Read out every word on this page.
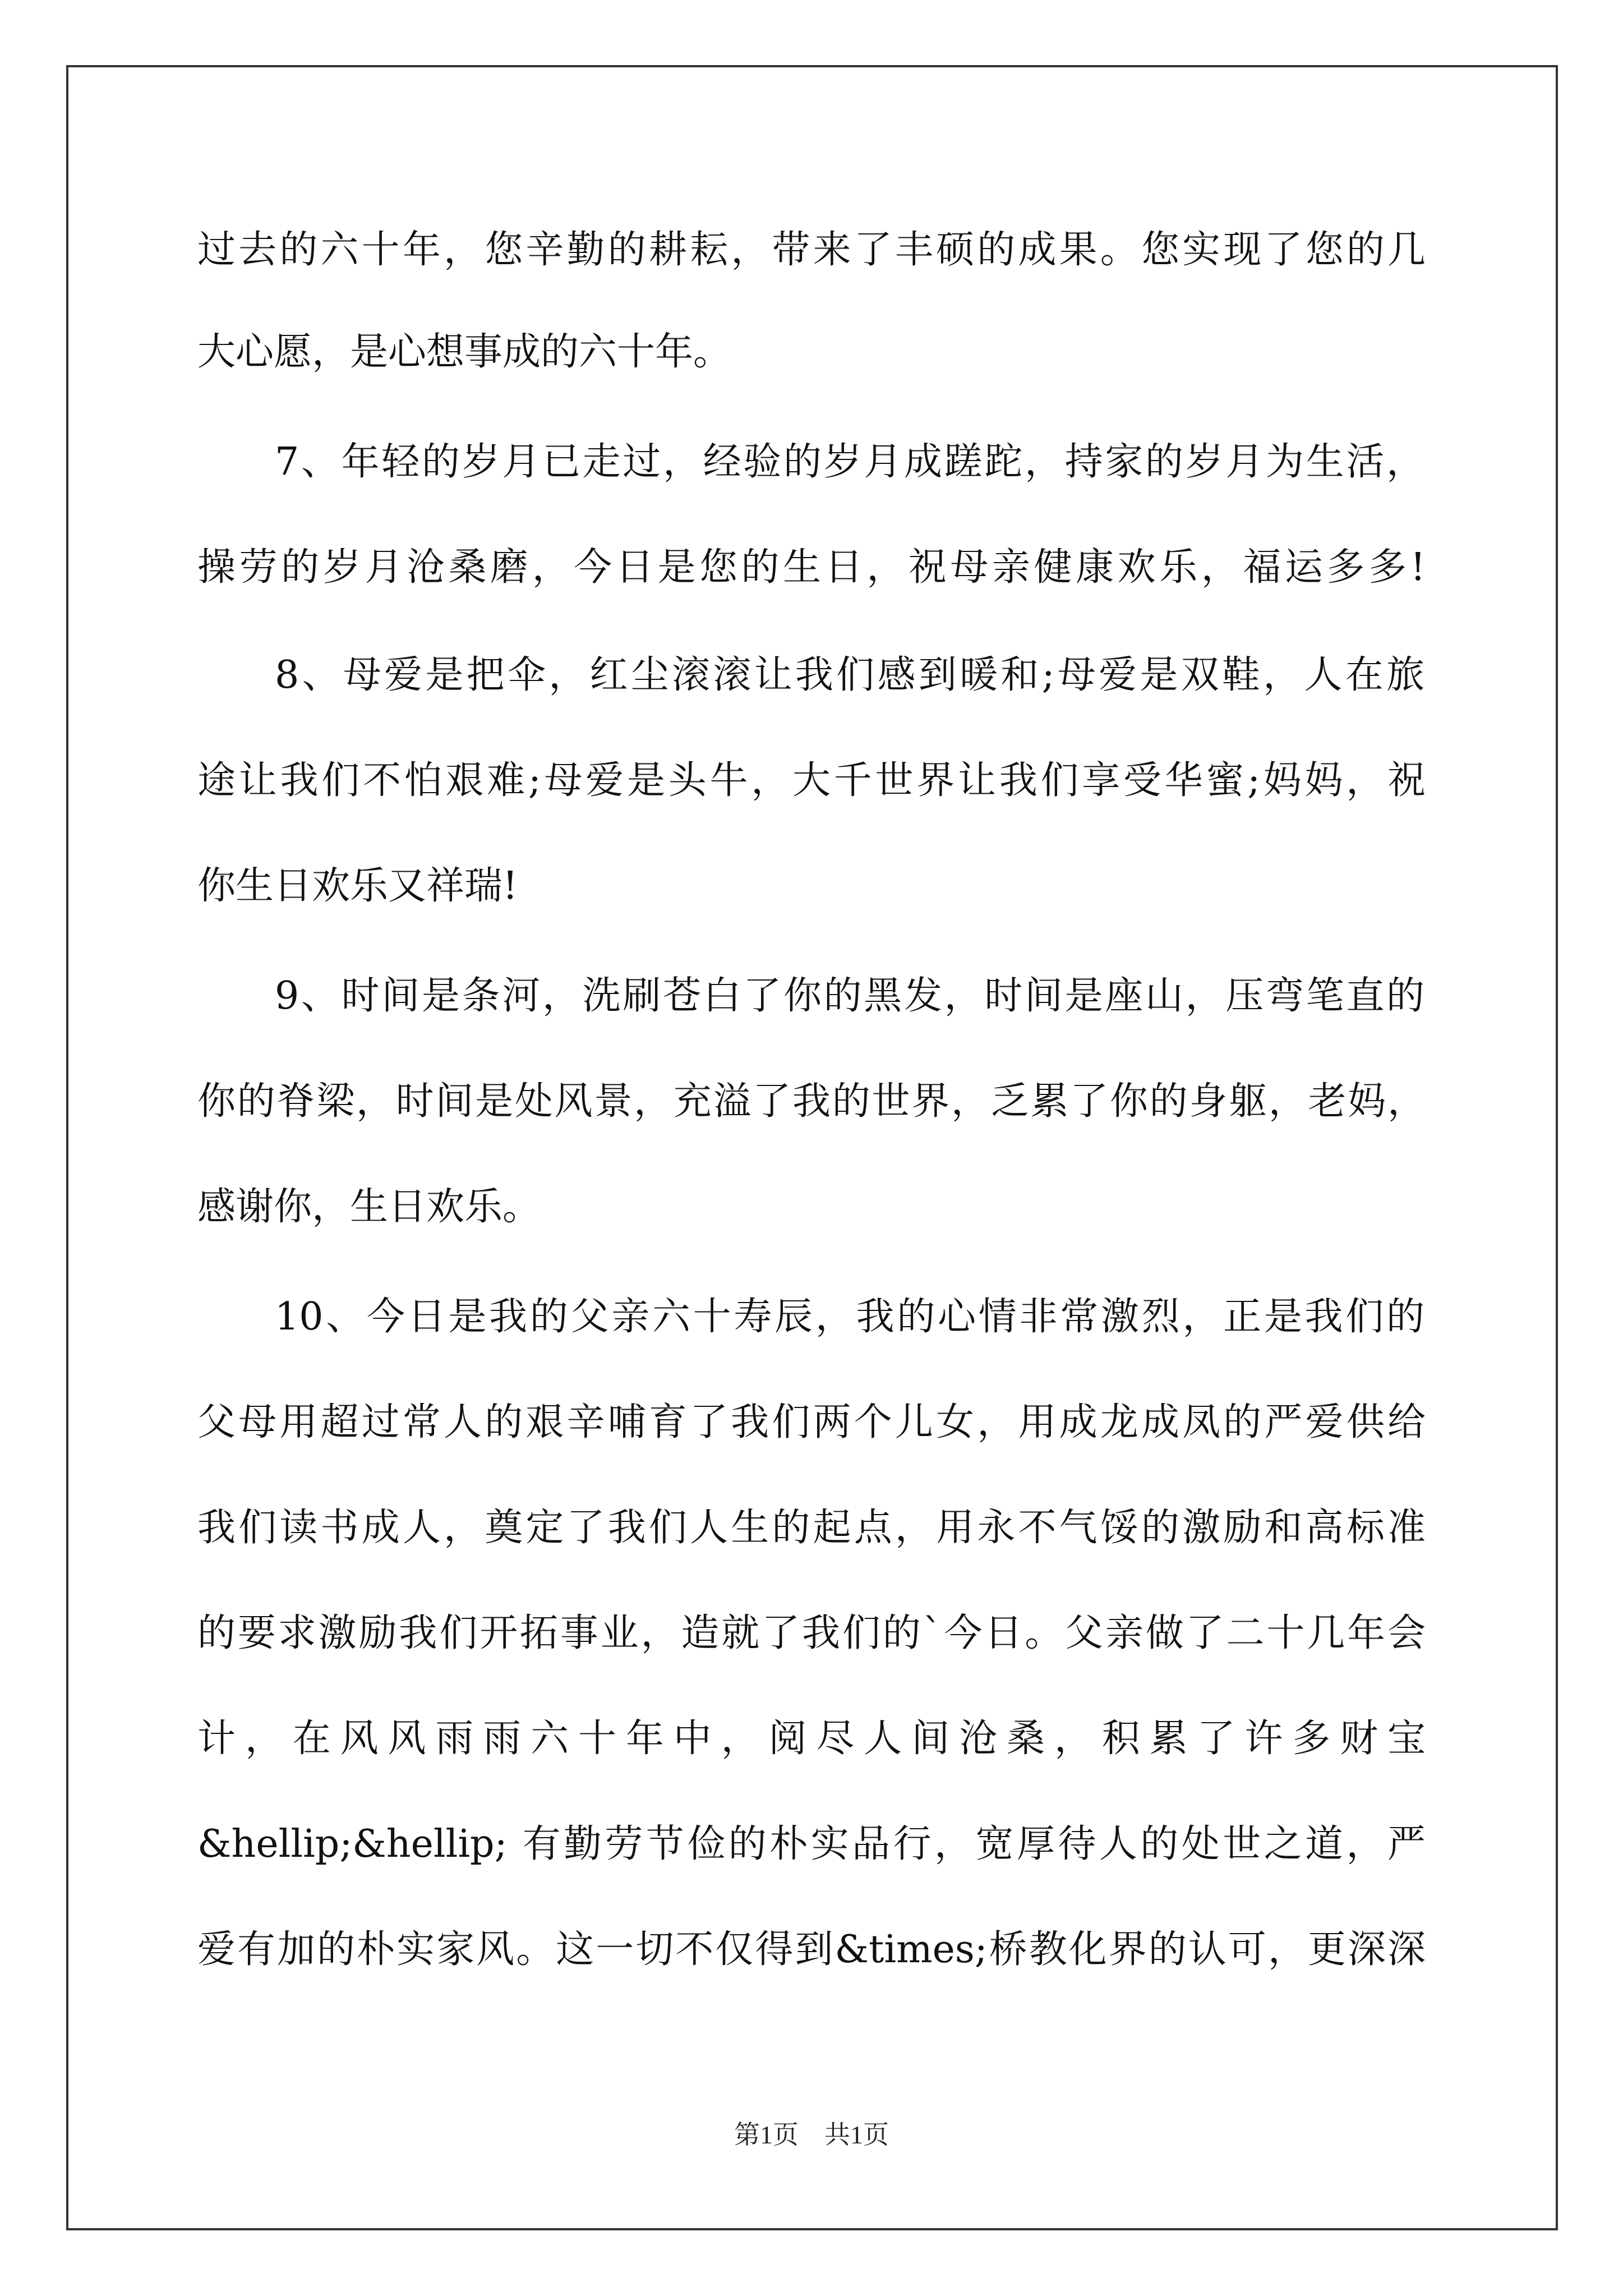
过去的六十年，您辛勤的耕耘，带来了丰硕的成果。您实现了您的几
大心愿，是心想事成的六十年。
7、年轻的岁月已走过，经验的岁月成蹉跎，持家的岁月为生活，
操劳的岁月沧桑磨，今日是您的生日，祝母亲健康欢乐，福运多多!
8、母爱是把伞，红尘滚滚让我们感到暖和;母爱是双鞋，人在旅
途让我们不怕艰难;母爱是头牛，大千世界让我们享受华蜜;妈妈，祝
你生日欢乐又祥瑞!
9、时间是条河，洗刷苍白了你的黑发，时间是座山，压弯笔直的
你的脊梁，时间是处风景，充溢了我的世界，乏累了你的身躯，老妈，
感谢你，生日欢乐。
10、今日是我的父亲六十寿辰，我的心情非常激烈，正是我们的
父母用超过常人的艰辛哺育了我们两个儿女，用成龙成凤的严爱供给
我们读书成人，奠定了我们人生的起点，用永不气馁的激励和高标准
的要求激励我们开拓事业，造就了我们的`今日。父亲做了二十几年会
计，在风风雨雨六十年中，阅尽人间沧桑，积累了许多财宝
&hellip;&hellip; 有勤劳节俭的朴实品行，宽厚待人的处世之道，严
爱有加的朴实家风。这一切不仅得到&times;桥教化界的认可，更深深
第1页　共1页
